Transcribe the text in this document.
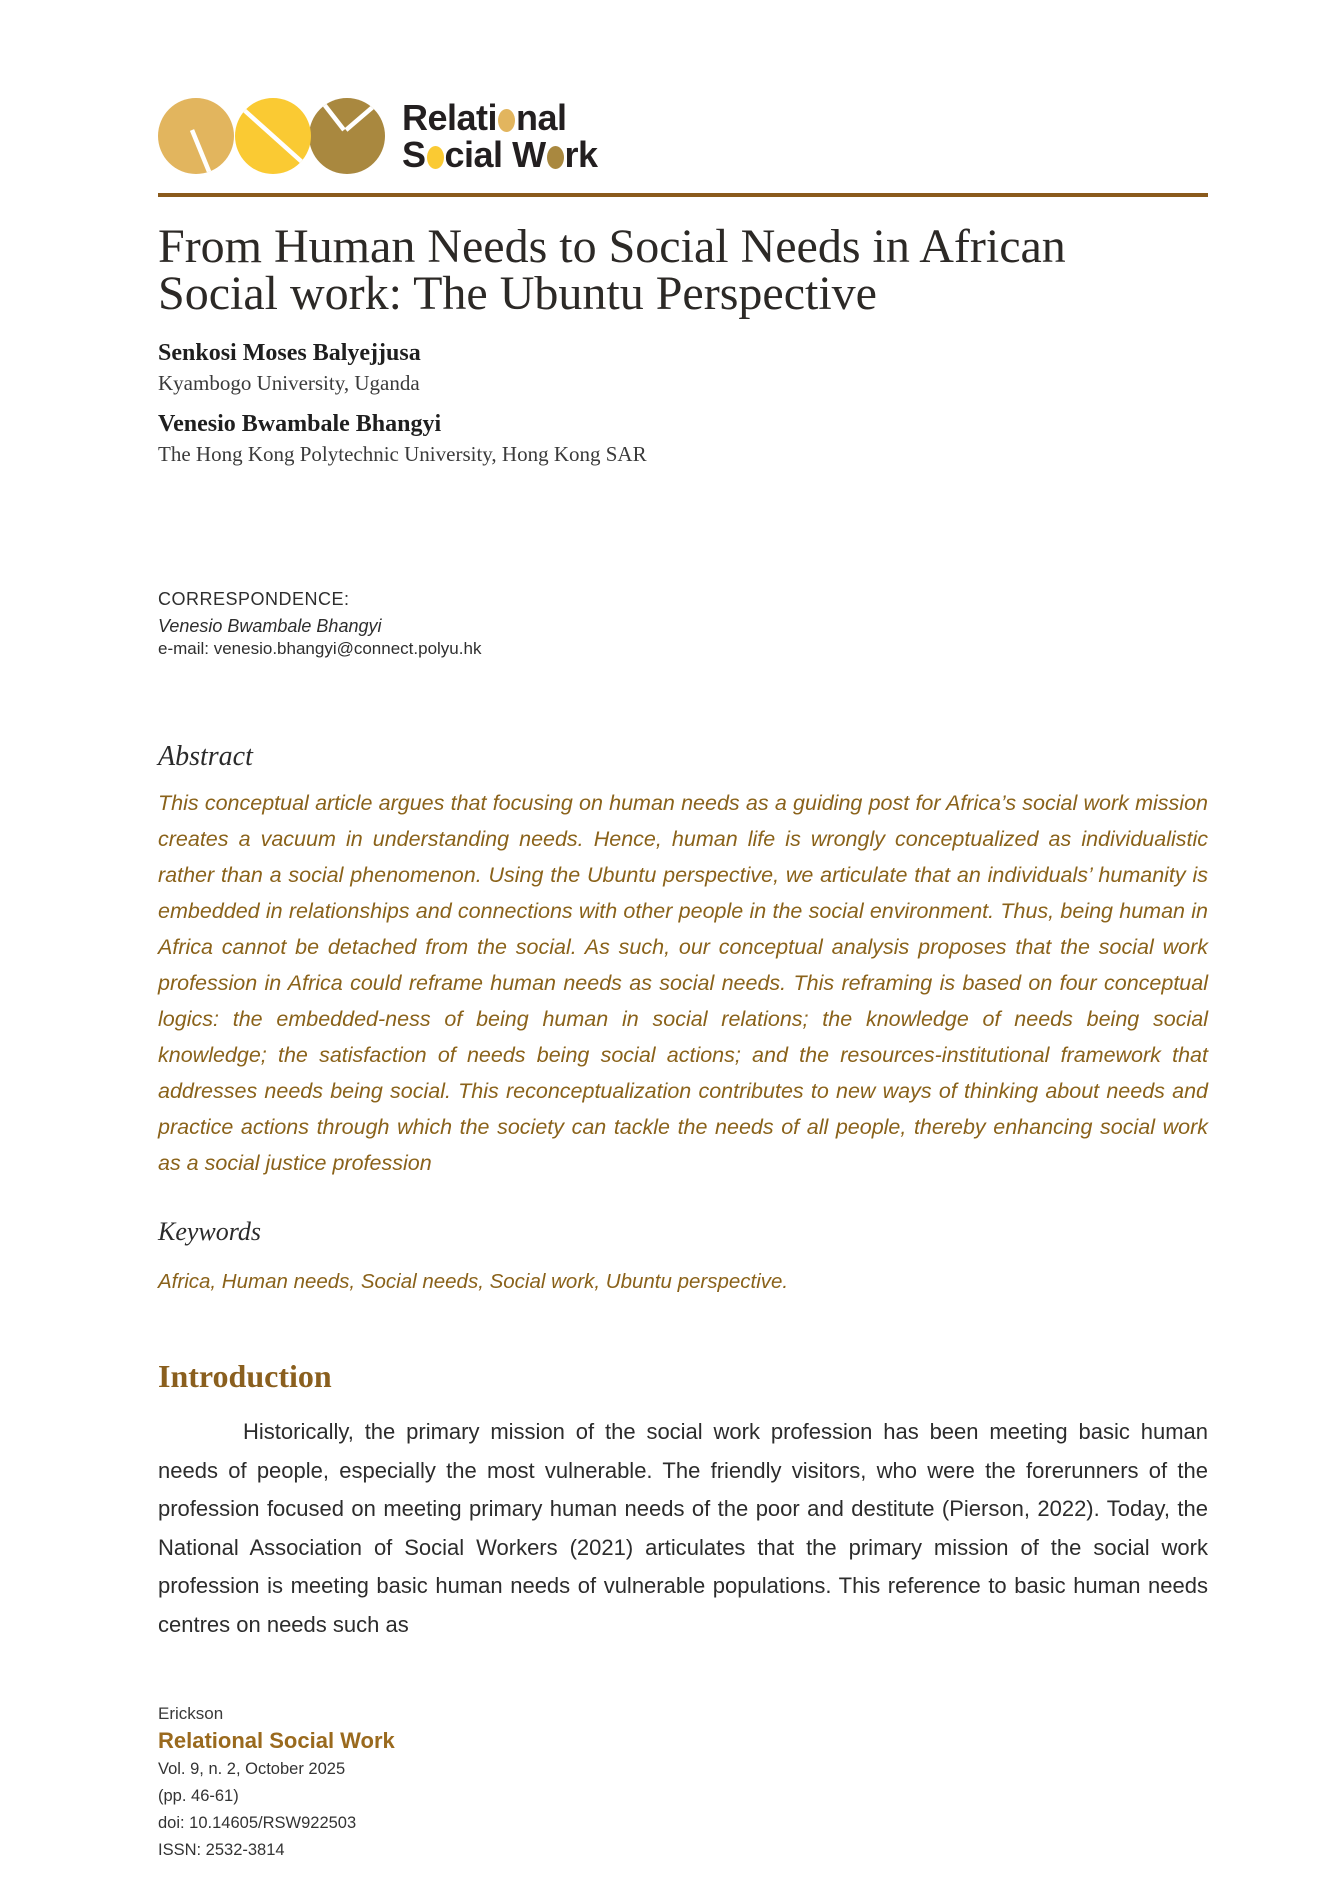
Relati nal
S cial W rk
From Human Needs to Social Needs in African
Social work: The Ubuntu Perspective
Senkosi Moses Balyejjusa
Kyambogo University, Uganda
Venesio Bwambale Bhangyi
The Hong Kong Polytechnic University, Hong Kong SAR
CORRESPONDENCE:
Venesio Bwambale Bhangyi
e-mail: venesio.bhangyi@connect.polyu.hk
Abstract
This conceptual article argues that focusing on human needs as a guiding post for Africa’s social work mission creates a vacuum in understanding needs. Hence, human life is wrongly conceptualized as individualistic rather than a social phenomenon. Using the Ubuntu perspective, we articulate that an individuals’ humanity is embedded in relationships and connections with other people in the social environment. Thus, being human in Africa cannot be detached from the social. As such, our conceptual analysis proposes that the social work profession in Africa could reframe human needs as social needs. This reframing is based on four conceptual logics: the embedded-ness of being human in social relations; the knowledge of needs being social knowledge; the satisfaction of needs being social actions; and the resources-institutional framework that addresses needs being social. This reconceptualization contributes to new ways of thinking about needs and practice actions through which the society can tackle the needs of all people, thereby enhancing social work as a social justice profession
Keywords
Africa, Human needs, Social needs, Social work, Ubuntu perspective.
Introduction
Historically, the primary mission of the social work profession has been meeting basic human needs of people, especially the most vulnerable. The friendly visitors, who were the forerunners of the profession focused on meeting primary human needs of the poor and destitute (Pierson, 2022). Today, the National Association of Social Workers (2021) articulates that the primary mission of the social work profession is meeting basic human needs of vulnerable populations. This reference to basic human needs centres on needs such as
Erickson
Relational Social Work
Vol. 9, n. 2, October 2025
(pp. 46-61)
doi: 10.14605/RSW922503
ISSN: 2532-3814
